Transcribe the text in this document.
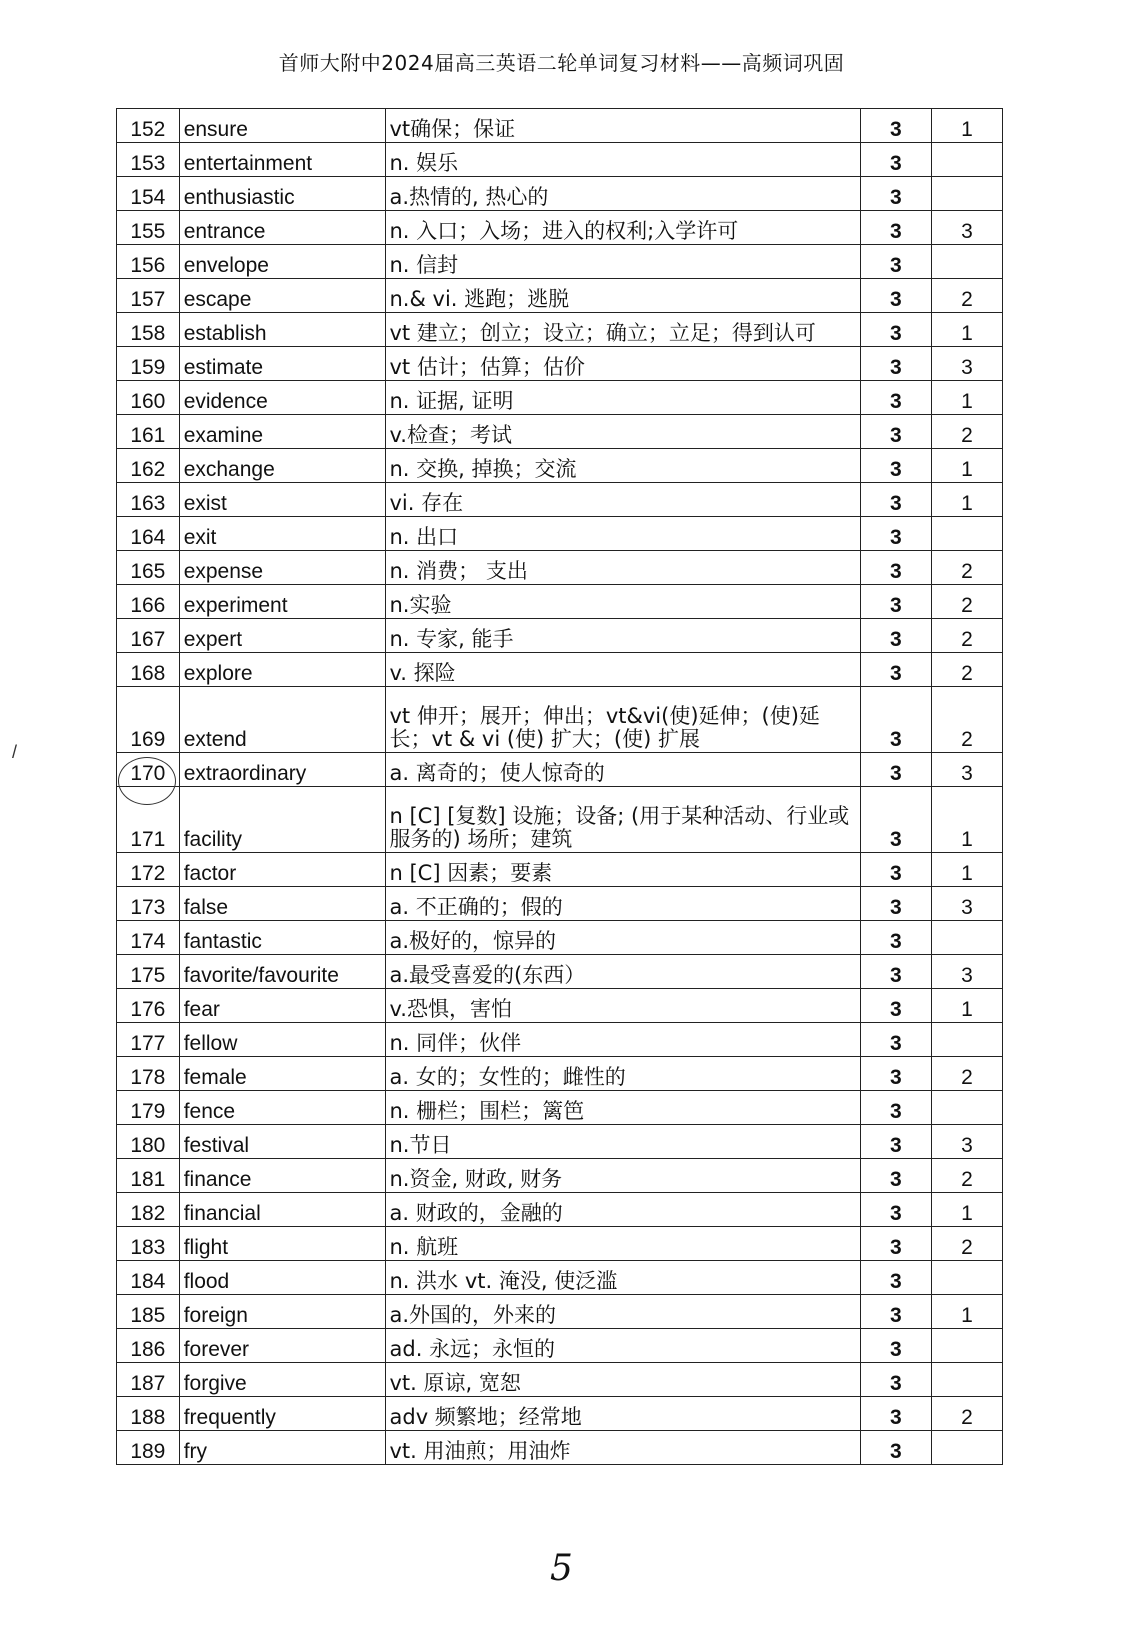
首师大附中2024届高三英语二轮单词复习材料——高频词巩固
152	ensure	vt确保；保证	3	1
153	entertainment	n. 娱乐	3	
154	enthusiastic	a.热情的, 热心的	3	
155	entrance	n. 入口；入场；进入的权利;入学许可	3	3
156	envelope	n. 信封	3	
157	escape	n.& vi. 逃跑；逃脱	3	2
158	establish	vt 建立；创立；设立；确立；立足；得到认可	3	1
159	estimate	vt 估计；估算；估价	3	3
160	evidence	n. 证据, 证明	3	1
161	examine	v.检查；考试	3	2
162	exchange	n. 交换, 掉换；交流	3	1
163	exist	vi. 存在	3	1
164	exit	n. 出口	3	
165	expense	n. 消费； 支出	3	2
166	experiment	n.实验	3	2
167	expert	n. 专家, 能手	3	2
168	explore	v. 探险	3	2
169	extend	vt 伸开；展开；伸出；vt&vi(使)延伸；(使)延长；vt & vi (使) 扩大；(使) 扩展	3	2
170	extraordinary	a. 离奇的；使人惊奇的	3	3
171	facility	n [C] [复数] 设施；设备; (用于某种活动、行业或服务的) 场所；建筑	3	1
172	factor	n [C] 因素；要素	3	1
173	false	a. 不正确的；假的	3	3
174	fantastic	a.极好的，惊异的	3	
175	favorite/favourite	a.最受喜爱的(东西）	3	3
176	fear	v.恐惧，害怕	3	1
177	fellow	n. 同伴；伙伴	3	
178	female	a. 女的；女性的；雌性的	3	2
179	fence	n. 栅栏；围栏；篱笆	3	
180	festival	n.节日	3	3
181	finance	n.资金, 财政, 财务	3	2
182	financial	a. 财政的，金融的	3	1
183	flight	n. 航班	3	2
184	flood	n. 洪水 vt. 淹没, 使泛滥	3	
185	foreign	a.外国的，外来的	3	1
186	forever	ad. 永远；永恒的	3	
187	forgive	vt. 原谅, 宽恕	3	
188	frequently	adv 频繁地；经常地	3	2
189	fry	vt. 用油煎；用油炸	3	
/
5
